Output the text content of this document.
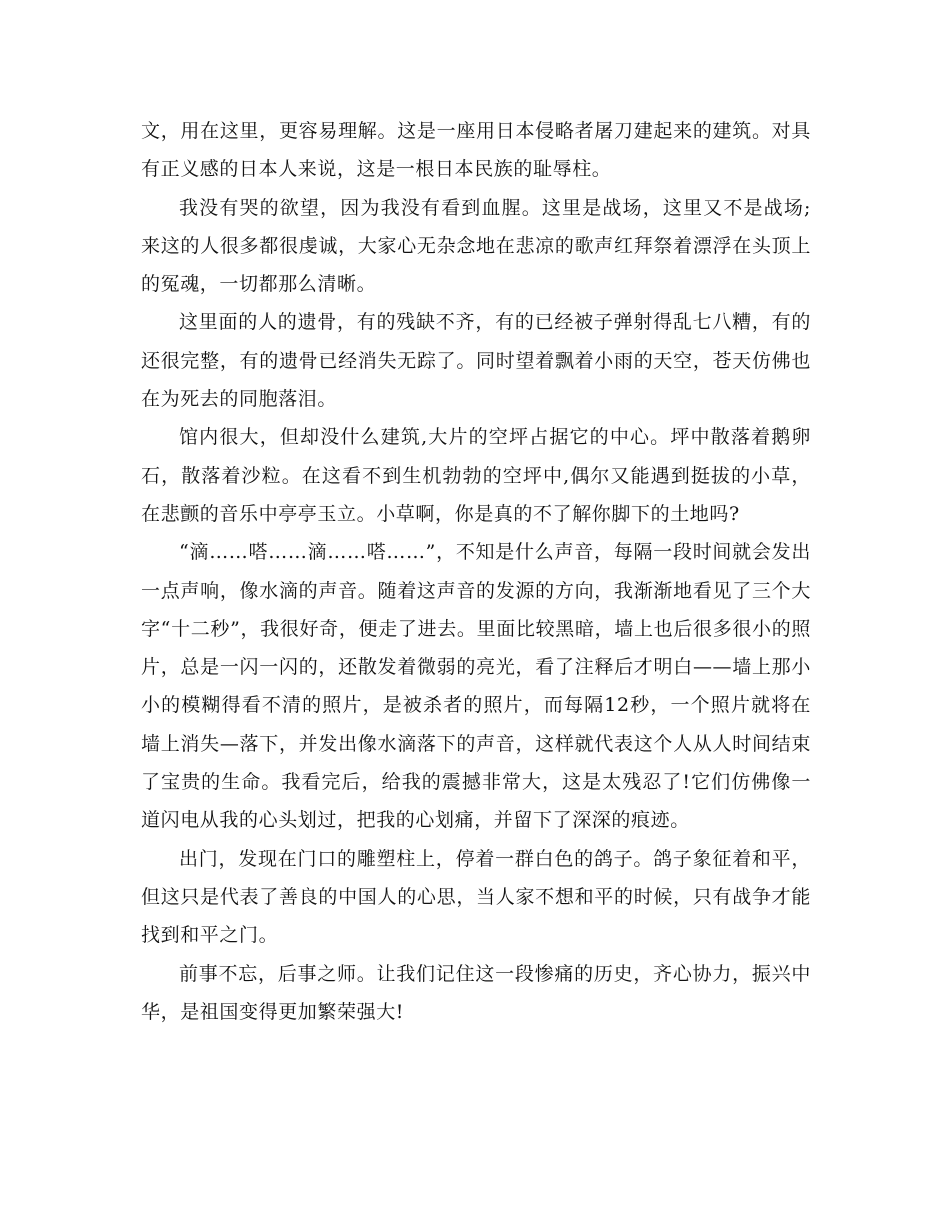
文，用在这里，更容易理解。这是一座用日本侵略者屠刀建起来的建筑。对具有正义感的日本人来说，这是一根日本民族的耻辱柱。

我没有哭的欲望，因为我没有看到血腥。这里是战场，这里又不是战场;来这的人很多都很虔诚，大家心无杂念地在悲凉的歌声红拜祭着漂浮在头顶上的冤魂，一切都那么清晰。

这里面的人的遗骨，有的残缺不齐，有的已经被子弹射得乱七八糟，有的还很完整，有的遗骨已经消失无踪了。同时望着飘着小雨的天空，苍天仿佛也在为死去的同胞落泪。

馆内很大，但却没什么建筑,大片的空坪占据它的中心。坪中散落着鹅卵石，散落着沙粒。在这看不到生机勃勃的空坪中,偶尔又能遇到挺拔的小草，在悲颤的音乐中亭亭玉立。小草啊，你是真的不了解你脚下的土地吗?

“滴……嗒……滴……嗒……”，不知是什么声音，每隔一段时间就会发出一点声响，像水滴的声音。随着这声音的发源的方向，我渐渐地看见了三个大字“十二秒”，我很好奇，便走了进去。里面比较黑暗，墙上也后很多很小的照片，总是一闪一闪的，还散发着微弱的亮光，看了注释后才明白——墙上那小小的模糊得看不清的照片，是被杀者的照片，而每隔12秒，一个照片就将在墙上消失—落下，并发出像水滴落下的声音，这样就代表这个人从人时间结束了宝贵的生命。我看完后，给我的震撼非常大，这是太残忍了!它们仿佛像一道闪电从我的心头划过，把我的心划痛，并留下了深深的痕迹。

出门，发现在门口的雕塑柱上，停着一群白色的鸽子。鸽子象征着和平，但这只是代表了善良的中国人的心思，当人家不想和平的时候，只有战争才能找到和平之门。

前事不忘，后事之师。让我们记住这一段惨痛的历史，齐心协力，振兴中华，是祖国变得更加繁荣强大!
